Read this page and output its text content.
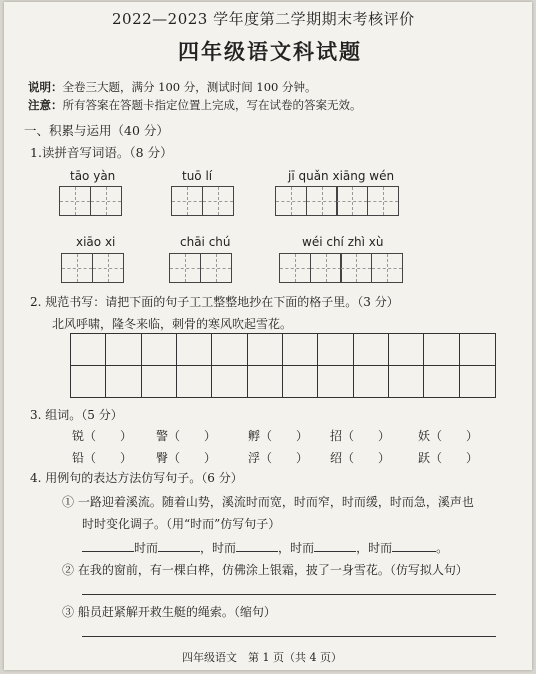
2022—2023 学年度第二学期期末考核评价
四年级语文科试题
说明：全卷三大题，满分 100 分，测试时间 100 分钟。
注意：所有答案在答题卡指定位置上完成，写在试卷的答案无效。
一、积累与运用（40 分）
1.读拼音写词语。（8 分）
tāo yàn	tuō lí	jī quǎn xiāng wén
xiāo xi	chāi chú	wéi chí zhì xù
2. 规范书写：请把下面的句子工工整整地抄在下面的格子里。（3 分）
北风呼啸，隆冬来临，刺骨的寒风吹起雪花。
3. 组词。（5 分）
锐（　　） 警（　　）	孵（　　） 招（　　） 妖（　　）
铅（　　） 臀（　　）	浮（　　） 绍（　　） 跃（　　）
4. 用例句的表达方法仿写句子。（6 分）
① 一路迎着溪流。随着山势，溪流时而宽，时而窄，时而缓，时而急，溪声也
时时变化调子。（用“时而”仿写句子）
时而	，时而	，时而	，时而	。
② 在我的窗前，有一棵白桦，仿佛涂上银霜，披了一身雪花。（仿写拟人句）
③ 船员赶紧解开救生艇的绳索。（缩句）
四年级语文　第 1 页（共 4 页）
